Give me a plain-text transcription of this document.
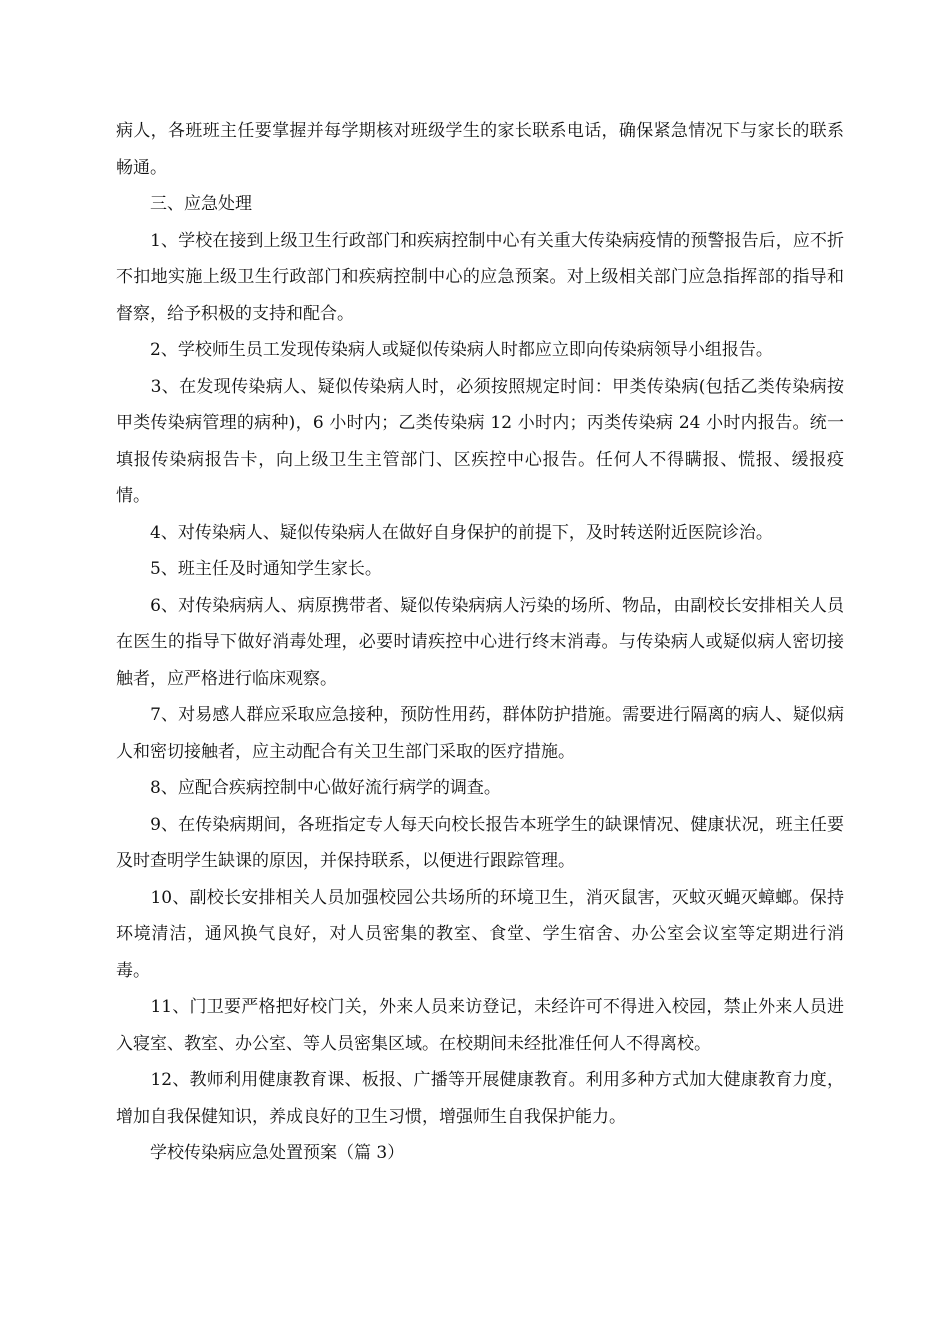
病人，各班班主任要掌握并每学期核对班级学生的家长联系电话，确保紧急情况下与家长的联系畅通。

　　三、应急处理

　　1、学校在接到上级卫生行政部门和疾病控制中心有关重大传染病疫情的预警报告后，应不折不扣地实施上级卫生行政部门和疾病控制中心的应急预案。对上级相关部门应急指挥部的指导和督察，给予积极的支持和配合。

　　2、学校师生员工发现传染病人或疑似传染病人时都应立即向传染病领导小组报告。

　　3、在发现传染病人、疑似传染病人时，必须按照规定时间：甲类传染病(包括乙类传染病按甲类传染病管理的病种)，6 小时内；乙类传染病 12 小时内；丙类传染病 24 小时内报告。统一填报传染病报告卡，向上级卫生主管部门、区疾控中心报告。任何人不得瞒报、慌报、缓报疫情。

　　4、对传染病人、疑似传染病人在做好自身保护的前提下，及时转送附近医院诊治。

　　5、班主任及时通知学生家长。

　　6、对传染病病人、病原携带者、疑似传染病病人污染的场所、物品，由副校长安排相关人员在医生的指导下做好消毒处理，必要时请疾控中心进行终末消毒。与传染病人或疑似病人密切接触者，应严格进行临床观察。

　　7、对易感人群应采取应急接种，预防性用药，群体防护措施。需要进行隔离的病人、疑似病人和密切接触者，应主动配合有关卫生部门采取的医疗措施。

　　8、应配合疾病控制中心做好流行病学的调查。

　　9、在传染病期间，各班指定专人每天向校长报告本班学生的缺课情况、健康状况，班主任要及时查明学生缺课的原因，并保持联系，以便进行跟踪管理。

　　10、副校长安排相关人员加强校园公共场所的环境卫生，消灭鼠害，灭蚊灭蝇灭蟑螂。保持环境清洁，通风换气良好，对人员密集的教室、食堂、学生宿舍、办公室会议室等定期进行消毒。

　　11、门卫要严格把好校门关，外来人员来访登记，未经许可不得进入校园，禁止外来人员进入寝室、教室、办公室、等人员密集区域。在校期间未经批准任何人不得离校。

　　12、教师利用健康教育课、板报、广播等开展健康教育。利用多种方式加大健康教育力度，增加自我保健知识，养成良好的卫生习惯，增强师生自我保护能力。

　　学校传染病应急处置预案（篇 3）
